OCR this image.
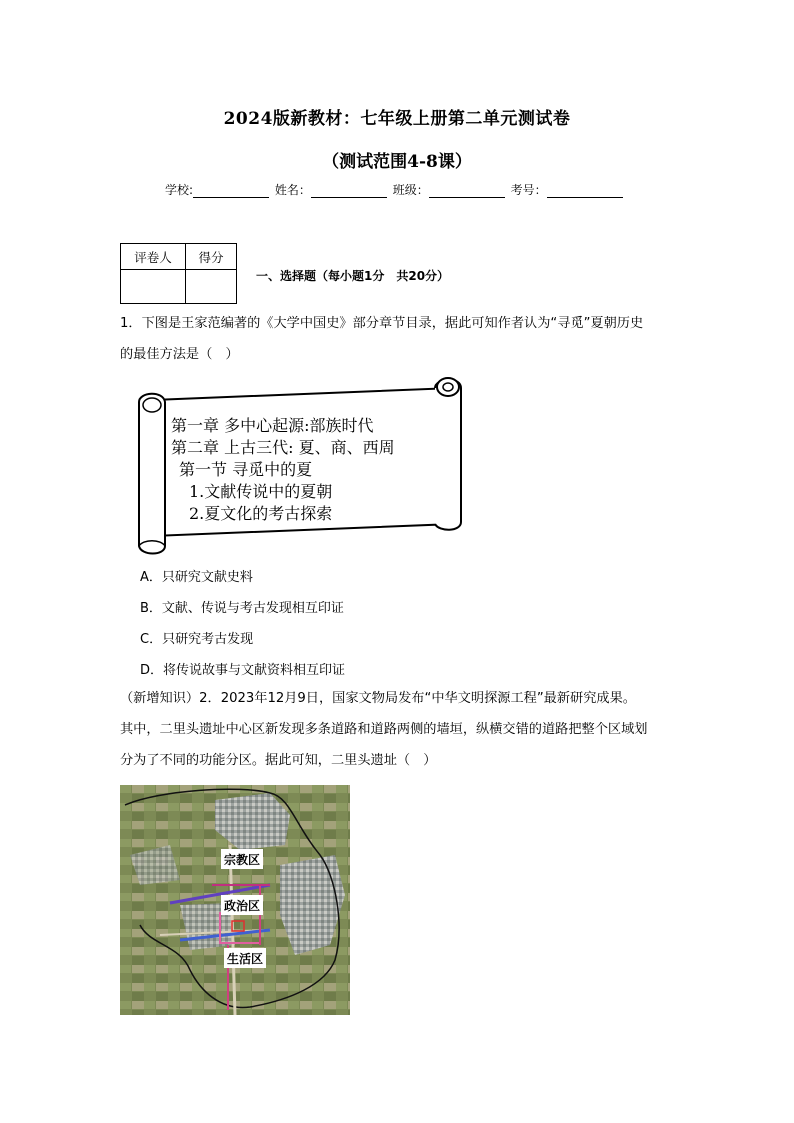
2024版新教材：七年级上册第二单元测试卷
（测试范围4-8课）
学校:	姓名：	班级：	考号：
评卷人	得分

一、选择题（每小题1分　共20分）
1．下图是王家范编著的《大学中国史》部分章节目录，据此可知作者认为“寻觅”夏朝历史
的最佳方法是（　）
第一章 多中心起源:部族时代
第二章 上古三代: 夏、商、西周
第一节 寻觅中的夏
1.文献传说中的夏朝
2.夏文化的考古探索
A．只研究文献史料
B．文献、传说与考古发现相互印证
C．只研究考古发现
D．将传说故事与文献资料相互印证
（新增知识）2．2023年12月9日，国家文物局发布“中华文明探源工程”最新研究成果。
其中，二里头遗址中心区新发现多条道路和道路两侧的墙垣，纵横交错的道路把整个区域划
分为了不同的功能分区。据此可知，二里头遗址（　）
宗教区
政治区
生活区
